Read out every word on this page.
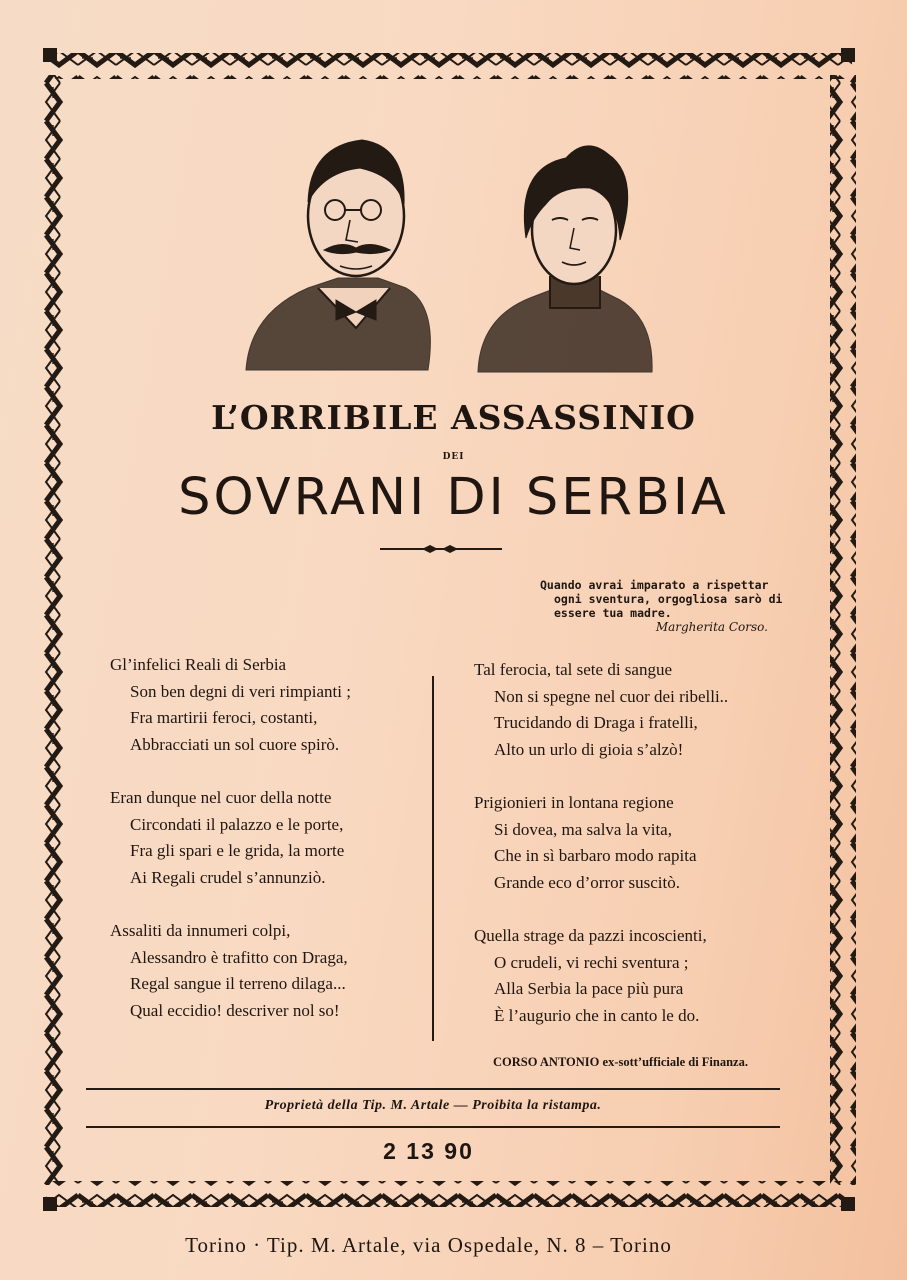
L’ORRIBILE ASSASSINIO
DEI
SOVRANI DI SERBIA
Quando avrai imparato a rispettar
ogni sventura, orgogliosa sarò di
essere tua madre.
Margherita Corso.
Gl’infelici Reali di Serbia
Son ben degni di veri rimpianti ;
Fra martirii feroci, costanti,
Abbracciati un sol cuore spirò.
Eran dunque nel cuor della notte
Circondati il palazzo e le porte,
Fra gli spari e le grida, la morte
Ai Regali crudel s’annunziò.
Assaliti da innumeri colpi,
Alessandro è trafitto con Draga,
Regal sangue il terreno dilaga...
Qual eccidio! descriver nol so!
Tal ferocia, tal sete di sangue
Non si spegne nel cuor dei ribelli..
Trucidando di Draga i fratelli,
Alto un urlo di gioia s’alzò!
Prigionieri in lontana regione
Si dovea, ma salva la vita,
Che in sì barbaro modo rapita
Grande eco d’orror suscitò.
Quella strage da pazzi incoscienti,
O crudeli, vi rechi sventura ;
Alla Serbia la pace più pura
È l’augurio che in canto le do.
CORSO ANTONIO ex-sott’ufficiale di Finanza.
Proprietà della Tip. M. Artale — Proibita la ristampa.
2 13 90
Torino · Tip. M. Artale, via Ospedale, N. 8 – Torino
